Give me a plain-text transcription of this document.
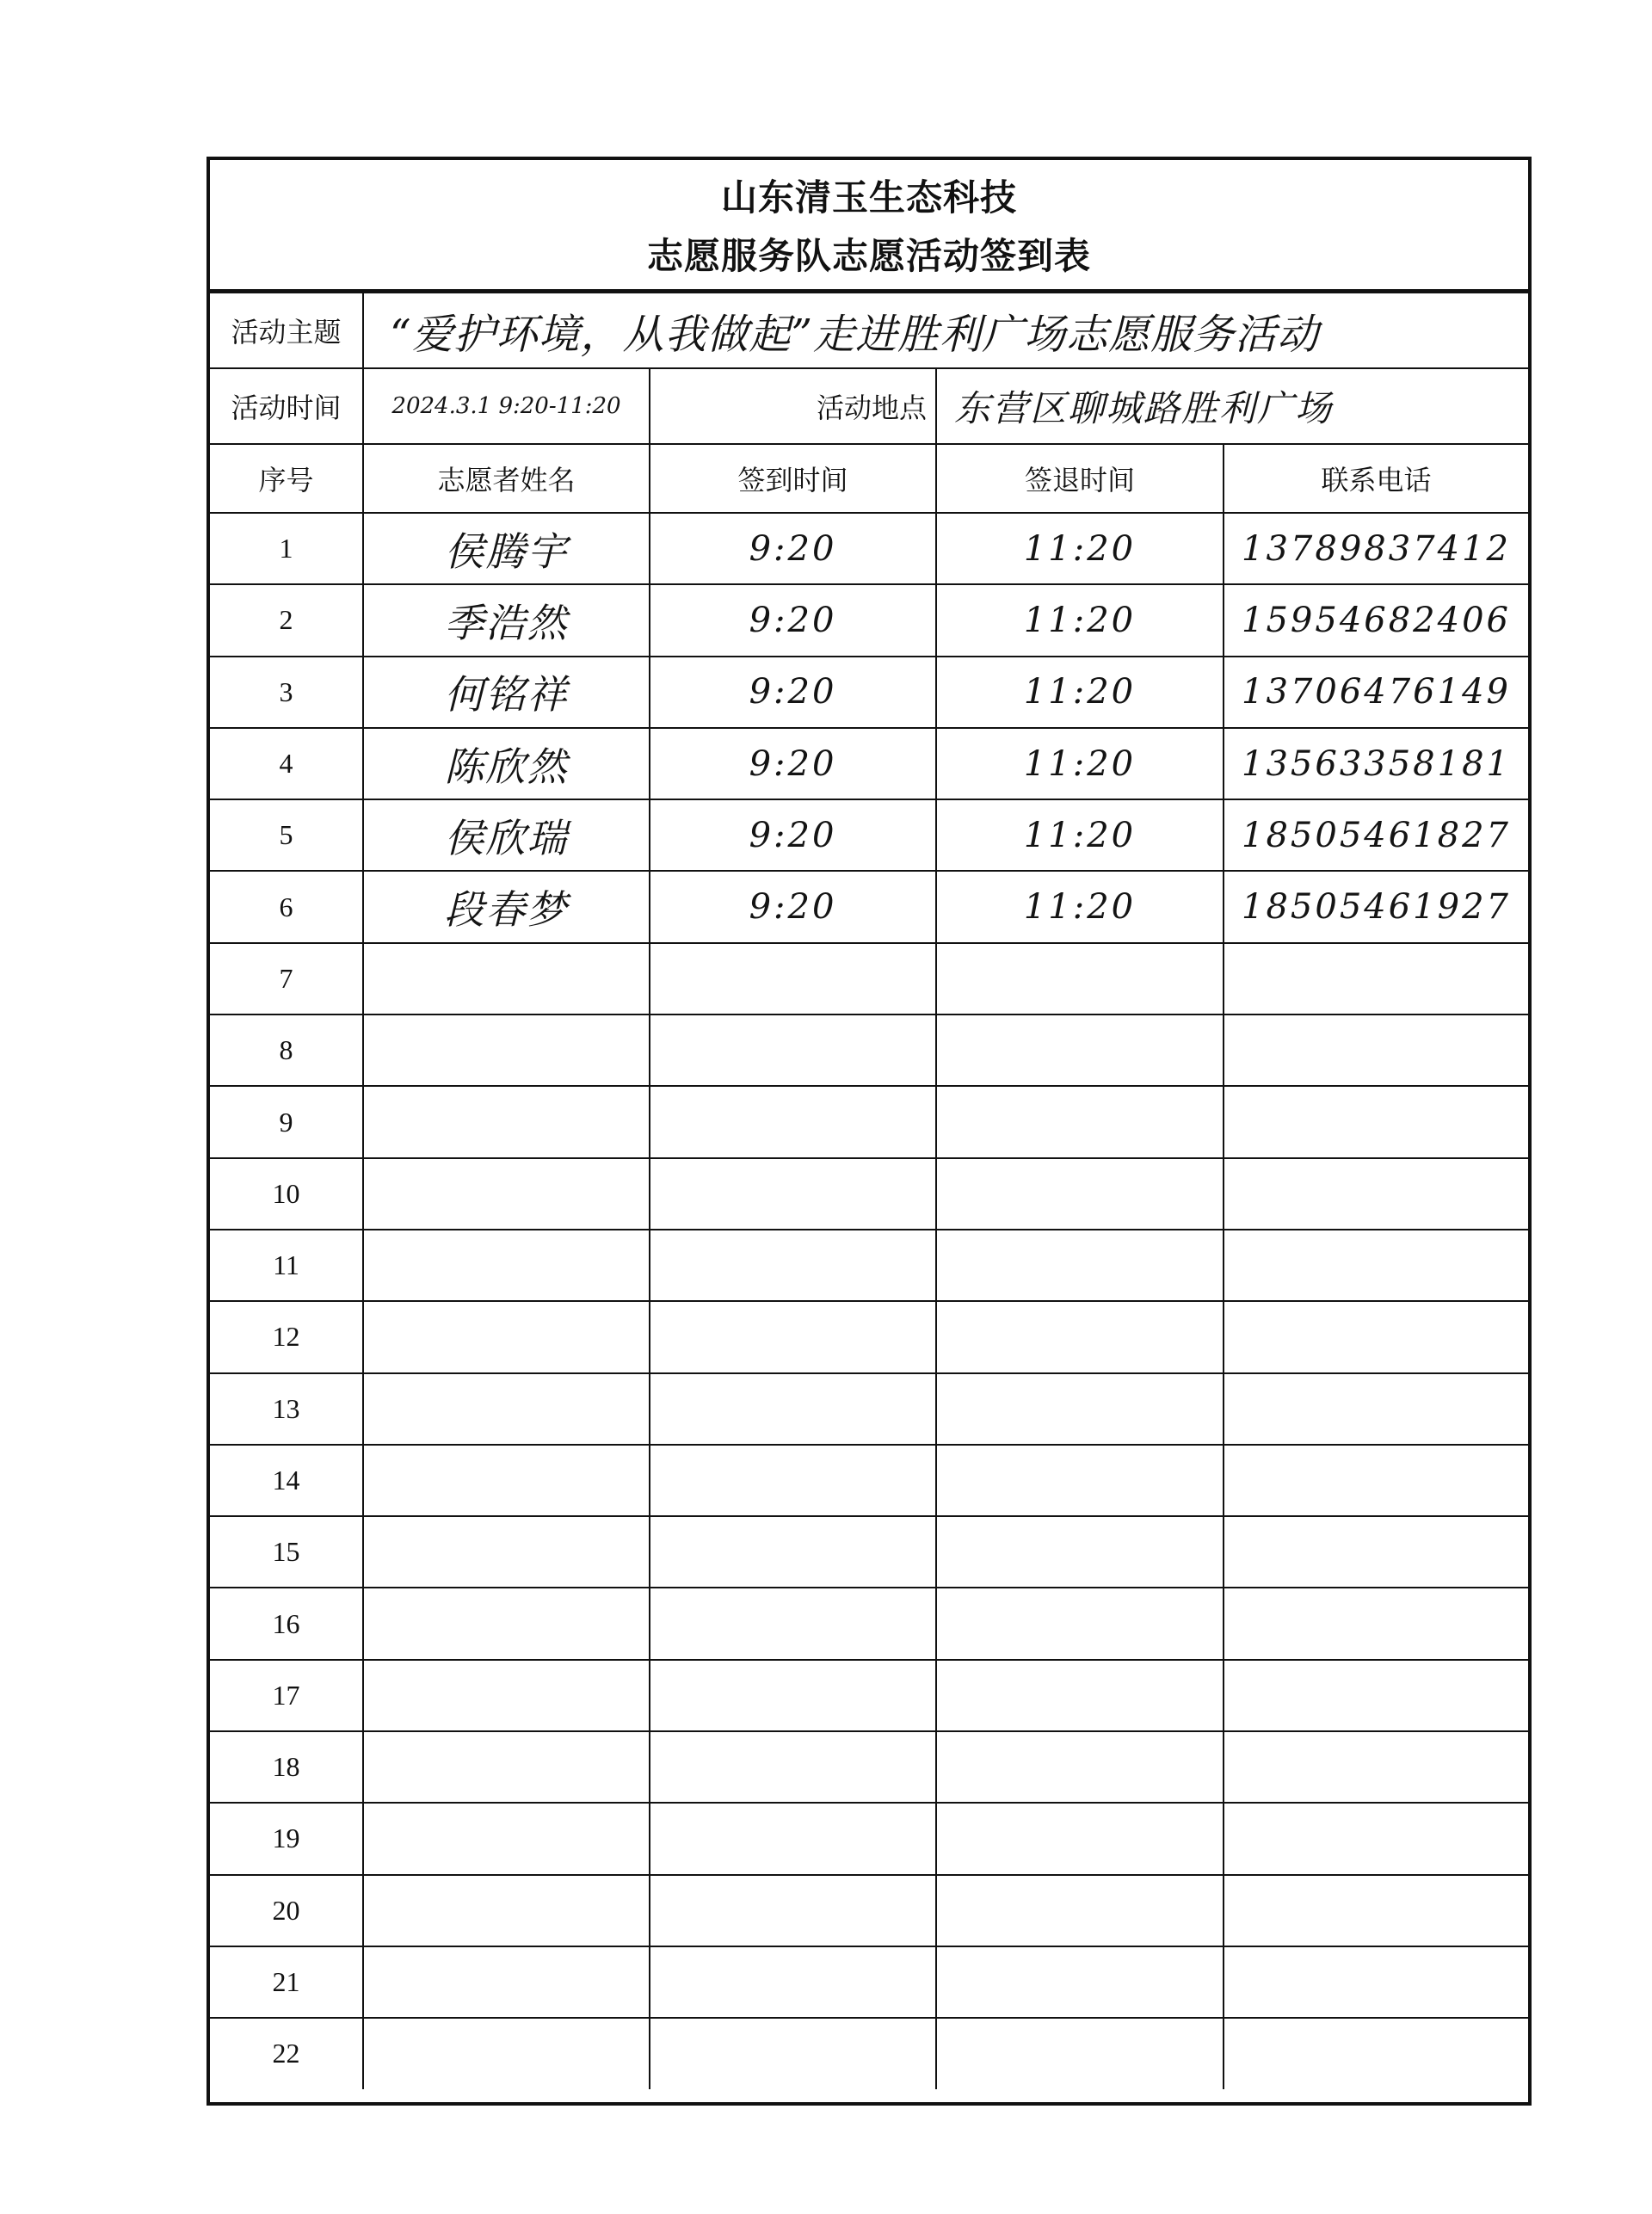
山东清玉生态科技
志愿服务队志愿活动签到表
活动主题	“爱护环境，从我做起”走进胜利广场志愿服务活动			
活动时间	2024.3.1 9:20-11:20	活动地点	东营区聊城路胜利广场	
序号	志愿者姓名	签到时间	签退时间	联系电话
1	侯腾宇	9:20	11:20	13789837412
2	季浩然	9:20	11:20	15954682406
3	何铭祥	9:20	11:20	13706476149
4	陈欣然	9:20	11:20	13563358181
5	侯欣瑞	9:20	11:20	18505461827
6	段春梦	9:20	11:20	18505461927
7				
8				
9				
10				
11				
12				
13				
14				
15				
16				
17				
18				
19				
20				
21				
22				
